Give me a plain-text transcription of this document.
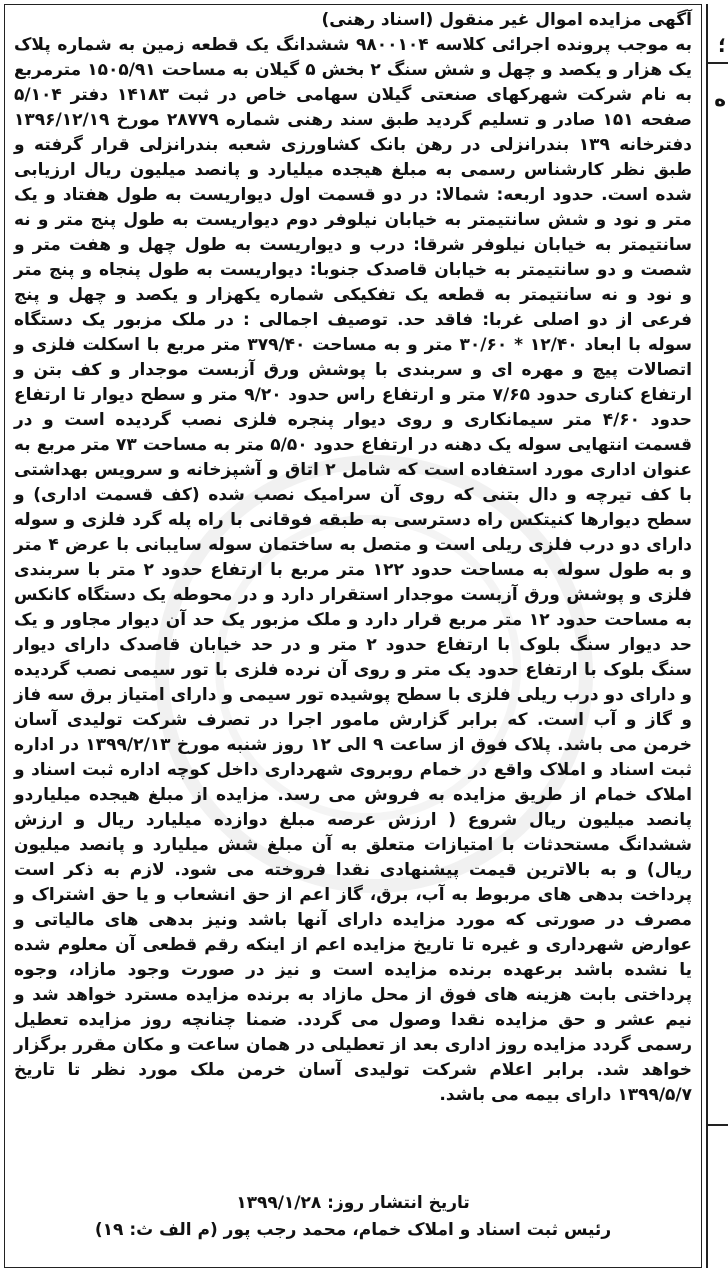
آگهی مزایده اموال غیر منقول (اسناد رهنی)

به موجب پرونده اجرائی کلاسه ۹۸۰۰۱۰۴ ششدانگ یک قطعه زمین به شماره پلاک یک هزار و یکصد و چهل و شش سنگ ۲ بخش ۵ گیلان به مساحت ۱۵۰۵/۹۱ مترمربع به نام شرکت شهرکهای صنعتی گیلان سهامی خاص در ثبت ۱۴۱۸۳ دفتر ۵/۱۰۴ صفحه ۱۵۱ صادر و تسلیم گردید طبق سند رهنی شماره ۲۸۷۷۹ مورخ ۱۳۹۶/۱۲/۱۹ دفترخانه ۱۳۹ بندرانزلی در رهن بانک کشاورزی شعبه بندرانزلی قرار گرفته و طبق نظر کارشناس رسمی به مبلغ هیجده میلیارد و پانصد میلیون ریال ارزیابی شده است. حدود اربعه: شمالا: در دو قسمت اول دیواریست به طول هفتاد و یک متر و نود و شش سانتیمتر به خیابان نیلوفر دوم دیواریست به طول پنج متر و نه سانتیمتر به خیابان نیلوفر شرقا: درب و دیواریست به طول چهل و هفت متر و شصت و دو سانتیمتر به خیابان قاصدک جنوبا: دیواریست به طول پنجاه و پنج متر و نود و نه سانتیمتر به قطعه یک تفکیکی شماره یکهزار و یکصد و چهل و پنج فرعی از دو اصلی غربا: فاقد حد. توصیف اجمالی : در ملک مزبور یک دستگاه سوله با ابعاد ۱۲/۴۰ * ۳۰/۶۰ متر و به مساحت ۳۷۹/۴۰ متر مربع با اسکلت فلزی و اتصالات پیچ و مهره ای و سربندی با پوشش ورق آزبست موجدار و کف بتن و ارتفاع کناری حدود ۷/۶۵ متر و ارتفاع راس حدود ۹/۲۰ متر و سطح دیوار تا ارتفاع حدود ۴/۶۰ متر سیمانکاری و روی دیوار پنجره فلزی نصب گردیده است و در قسمت انتهایی سوله یک دهنه در ارتفاع حدود ۵/۵۰ متر به مساحت ۷۳ متر مربع به عنوان اداری مورد استفاده است که شامل ۲ اتاق و آشپزخانه و سرویس بهداشتی با کف تیرچه و دال بتنی که روی آن سرامیک نصب شده (کف قسمت اداری) و سطح دیوارها کنیتکس راه دسترسی به طبقه فوقانی با راه پله گرد فلزی و سوله دارای دو درب فلزی ریلی است و متصل به ساختمان سوله سایبانی با عرض ۴ متر و به طول سوله به مساحت حدود ۱۲۲ متر مربع با ارتفاع حدود ۲ متر با سربندی فلزی و پوشش ورق آزبست موجدار استقرار دارد و در محوطه یک دستگاه کانکس به مساحت حدود ۱۲ متر مربع قرار دارد و ملک مزبور یک حد آن دیوار مجاور و یک حد دیوار سنگ بلوک با ارتفاع حدود ۲ متر و در حد خیابان قاصدک دارای دیوار سنگ بلوک با ارتفاع حدود یک متر و روی آن نرده فلزی با تور سیمی نصب گردیده و دارای دو درب ریلی فلزی با سطح پوشیده تور سیمی و دارای امتیاز برق سه فاز و گاز و آب است. که برابر گزارش مامور اجرا در تصرف شرکت تولیدی آسان خرمن می باشد. پلاک فوق از ساعت ۹ الی ۱۲ روز شنبه مورخ ۱۳۹۹/۲/۱۳ در اداره ثبت اسناد و املاک واقع در خمام روبروی شهرداری داخل کوچه اداره ثبت اسناد و املاک خمام از طریق مزایده به فروش می رسد. مزایده از مبلغ هیجده میلیاردو پانصد میلیون ریال شروع ( ارزش عرصه مبلغ دوازده میلیارد ریال و ارزش ششدانگ مستحدثات با امتیازات متعلق به آن مبلغ شش میلیارد و پانصد میلیون ریال) و به بالاترین قیمت پیشنهادی نقدا فروخته می شود. لازم به ذکر است پرداخت بدهی های مربوط به آب، برق، گاز اعم از حق انشعاب و یا حق اشتراک و مصرف در صورتی که مورد مزایده دارای آنها باشد ونیز بدهی های مالیاتی و عوارض شهرداری و غیره تا تاریخ مزایده اعم از اینکه رقم قطعی آن معلوم شده یا نشده باشد برعهده برنده مزایده است و نیز در صورت وجود مازاد، وجوه پرداختی بابت هزینه های فوق از محل مازاد به برنده مزایده مسترد خواهد شد و نیم عشر و حق مزایده نقدا وصول می گردد. ضمنا چنانچه روز مزایده تعطیل رسمی گردد مزایده روز اداری بعد از تعطیلی در همان ساعت و مکان مقرر برگزار خواهد شد. برابر اعلام شرکت تولیدی آسان خرمن ملک مورد نظر تا تاریخ ۱۳۹۹/۵/۷ دارای بیمه می باشد.

تاریخ انتشار روز: ۱۳۹۹/۱/۲۸
رئیس ثبت اسناد و املاک خمام، محمد رجب پور (م الف ث: ۱۹)
؛
ه
